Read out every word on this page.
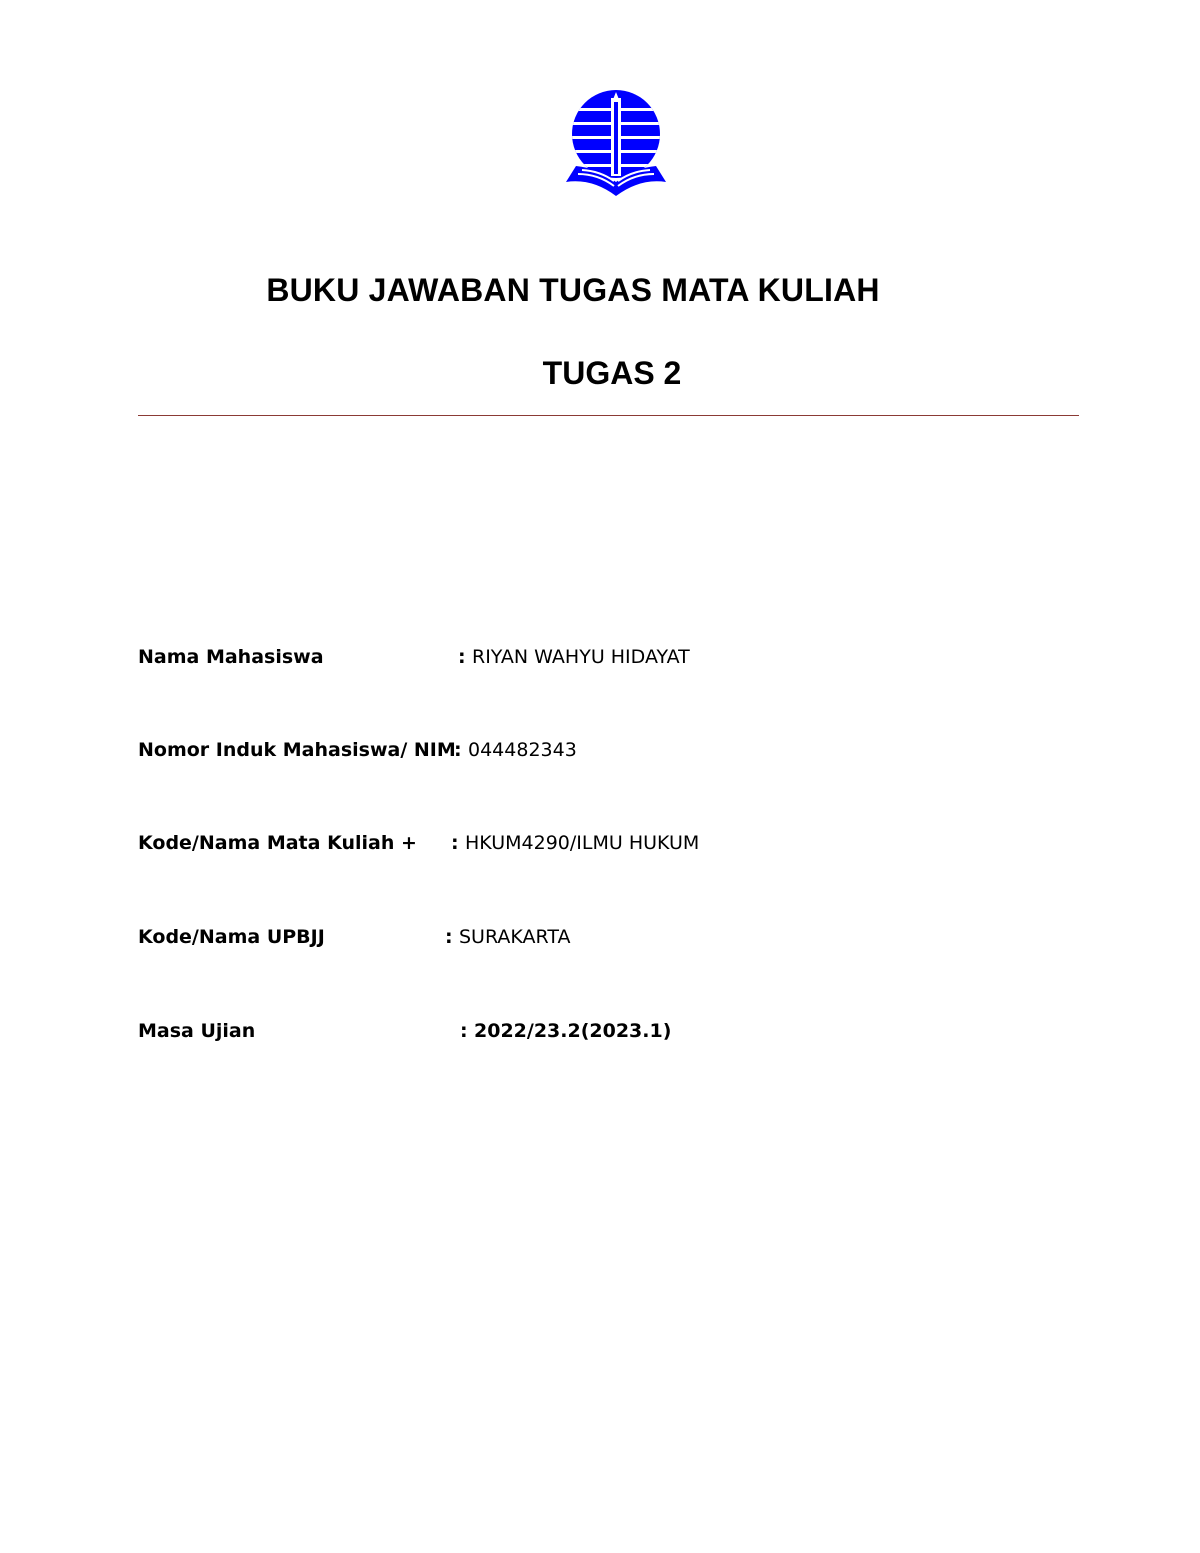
BUKU JAWABAN TUGAS MATA KULIAH
TUGAS 2
Nama Mahasiswa	: RIYAN WAHYU HIDAYAT
Nomor Induk Mahasiswa/ NIM
: 044482343
Kode/Nama Mata Kuliah + : HKUM4290/ILMU HUKUM
Kode/Nama UPBJJ	: SURAKARTA
Masa Ujian	: 2022/23.2(2023.1)
